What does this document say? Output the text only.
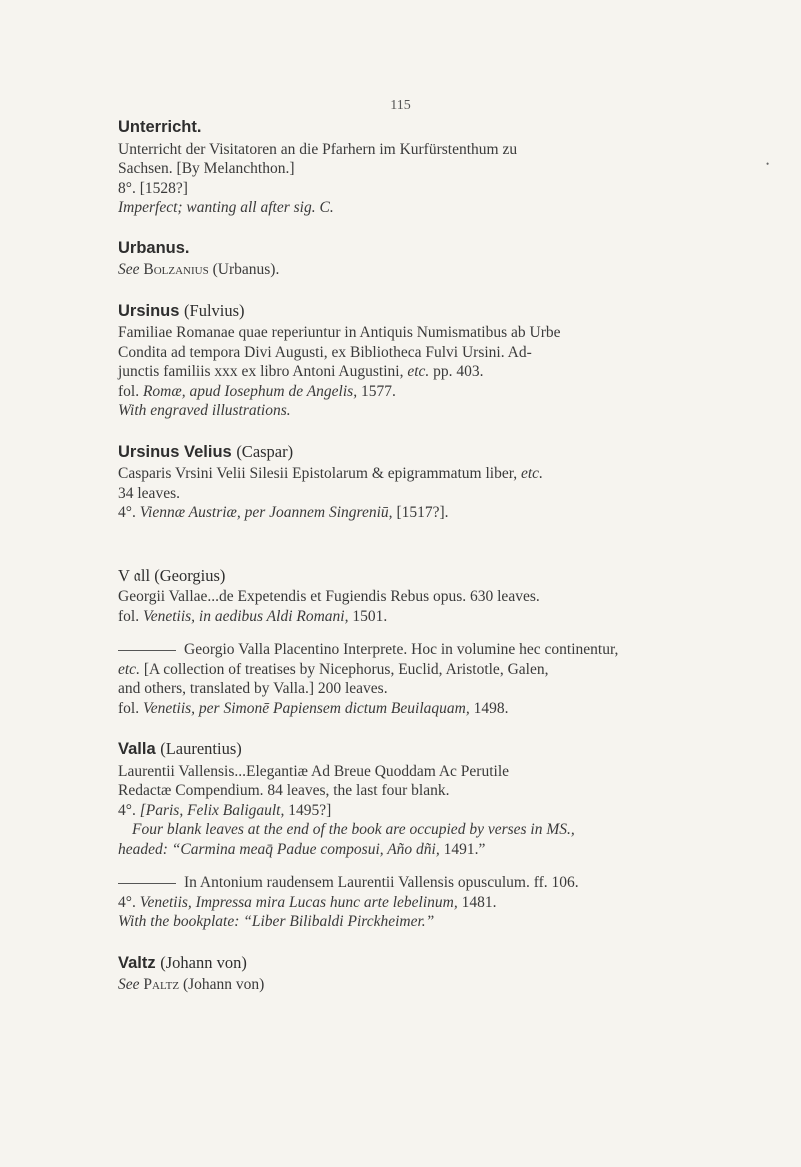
115
•
Unterricht.
Unterricht der Visitatoren an die Pfarhern im Kurfürstenthum zu
Sachsen. [By Melanchthon.]
8°. [1528?]
Imperfect; wanting all after sig. C.
Urbanus.
See Bolzanius (Urbanus).
Ursinus (Fulvius)
Familiae Romanae quae reperiuntur in Antiquis Numismatibus ab Urbe
Condita ad tempora Divi Augusti, ex Bibliotheca Fulvi Ursini. Ad-
junctis familiis xxx ex libro Antoni Augustini, etc. pp. 403.
fol. Romæ, apud Iosephum de Angelis, 1577.
With engraved illustrations.
Ursinus Velius (Caspar)
Casparis Vrsini Velii Silesii Epistolarum & epigrammatum liber, etc.
34 leaves.
4°. Viennæ Austriæ, per Joannem Singreniū, [1517?].
V 𝔞ll (Georgius)
Georgii Vallae...de Expetendis et Fugiendis Rebus opus. 630 leaves.
fol. Venetiis, in aedibus Aldi Romani, 1501.
Georgio Valla Placentino Interprete. Hoc in volumine hec continentur,
etc. [A collection of treatises by Nicephorus, Euclid, Aristotle, Galen,
and others, translated by Valla.] 200 leaves.
fol. Venetiis, per Simonē Papiensem dictum Beuilaquam, 1498.
Valla (Laurentius)
Laurentii Vallensis...Elegantiæ Ad Breue Quoddam Ac Perutile
Redactæ Compendium. 84 leaves, the last four blank.
4°. [Paris, Felix Baligault, 1495?]
Four blank leaves at the end of the book are occupied by verses in MS.,
headed: “Carmina meaq̄ Padue composui, Año dñi, 1491.”
In Antonium raudensem Laurentii Vallensis opusculum. ff. 106.
4°. Venetiis, Impressa mira Lucas hunc arte lebelinum, 1481.
With the bookplate: “Liber Bilibaldi Pirckheimer.”
Valtz (Johann von)
See Paltz (Johann von)
